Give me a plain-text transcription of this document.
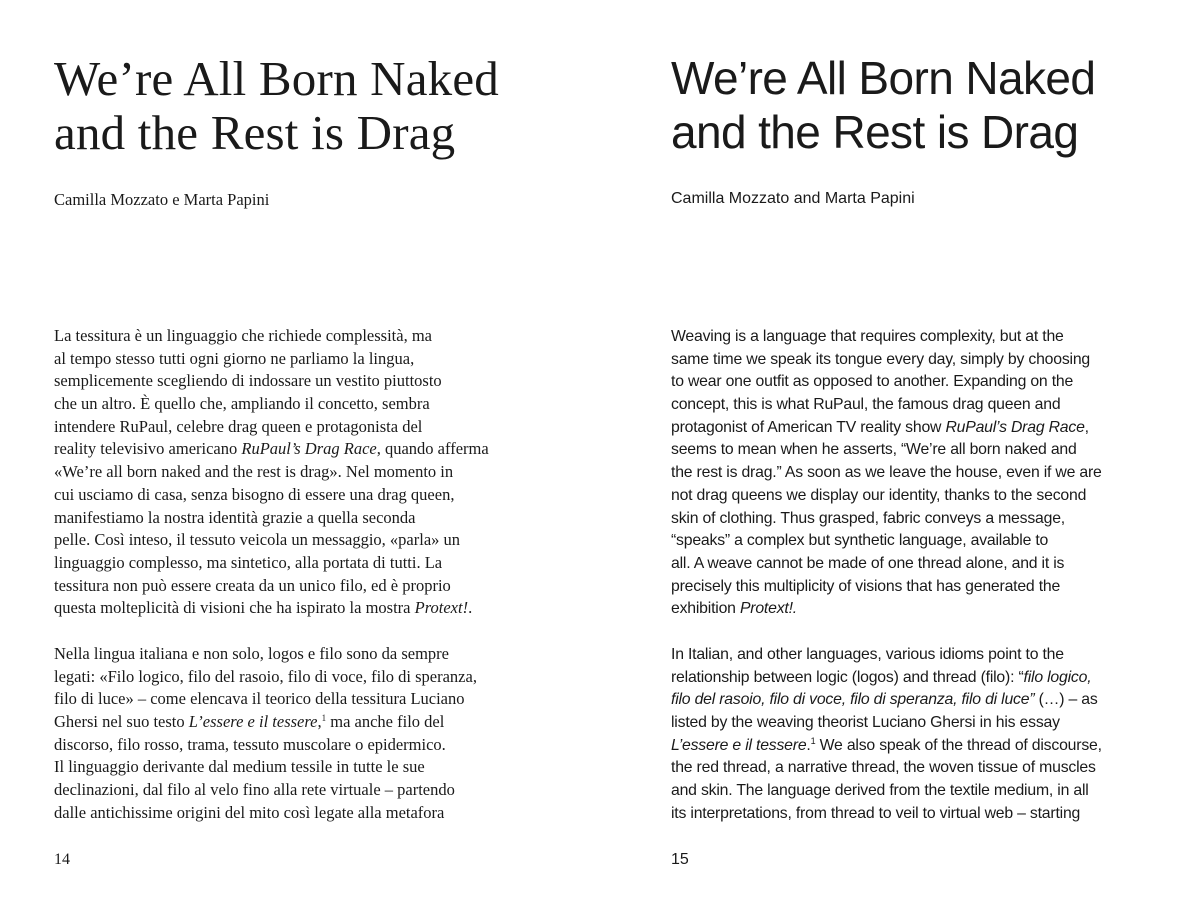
We’re All Born Naked
and the Rest is Drag

Camilla Mozzato e Marta Papini

La tessitura è un linguaggio che richiede complessità, ma
al tempo stesso tutti ogni giorno ne parliamo la lingua,
semplicemente scegliendo di indossare un vestito piuttosto
che un altro. È quello che, ampliando il concetto, sembra
intendere RuPaul, celebre drag queen e protagonista del
reality televisivo americano RuPaul’s Drag Race, quando afferma
«We’re all born naked and the rest is drag». Nel momento in
cui usciamo di casa, senza bisogno di essere una drag queen,
manifestiamo la nostra identità grazie a quella seconda
pelle. Così inteso, il tessuto veicola un messaggio, «parla» un
linguaggio complesso, ma sintetico, alla portata di tutti. La
tessitura non può essere creata da un unico filo, ed è proprio
questa molteplicità di visioni che ha ispirato la mostra Protext!.

Nella lingua italiana e non solo, logos e filo sono da sempre
legati: «Filo logico, filo del rasoio, filo di voce, filo di speranza,
filo di luce» – come elencava il teorico della tessitura Luciano
Ghersi nel suo testo L’essere e il tessere,$^1$ ma anche filo del
discorso, filo rosso, trama, tessuto muscolare o epidermico.
Il linguaggio derivante dal medium tessile in tutte le sue
declinazioni, dal filo al velo fino alla rete virtuale – partendo
dalle antichissime origini del mito così legate alla metafora

14

We’re All Born Naked
and the Rest is Drag

Camilla Mozzato and Marta Papini

Weaving is a language that requires complexity, but at the
same time we speak its tongue every day, simply by choosing
to wear one outfit as opposed to another. Expanding on the
concept, this is what RuPaul, the famous drag queen and
protagonist of American TV reality show RuPaul’s Drag Race,
seems to mean when he asserts, “We’re all born naked and
the rest is drag.” As soon as we leave the house, even if we are
not drag queens we display our identity, thanks to the second
skin of clothing. Thus grasped, fabric conveys a message,
“speaks” a complex but synthetic language, available to
all. A weave cannot be made of one thread alone, and it is
precisely this multiplicity of visions that has generated the
exhibition Protext!.

In Italian, and other languages, various idioms point to the
relationship between logic (logos) and thread (filo): “filo logico,
filo del rasoio, filo di voce, filo di speranza, filo di luce” (…) – as
listed by the weaving theorist Luciano Ghersi in his essay
L’essere e il tessere.$^1$ We also speak of the thread of discourse,
the red thread, a narrative thread, the woven tissue of muscles
and skin. The language derived from the textile medium, in all
its interpretations, from thread to veil to virtual web – starting

15
